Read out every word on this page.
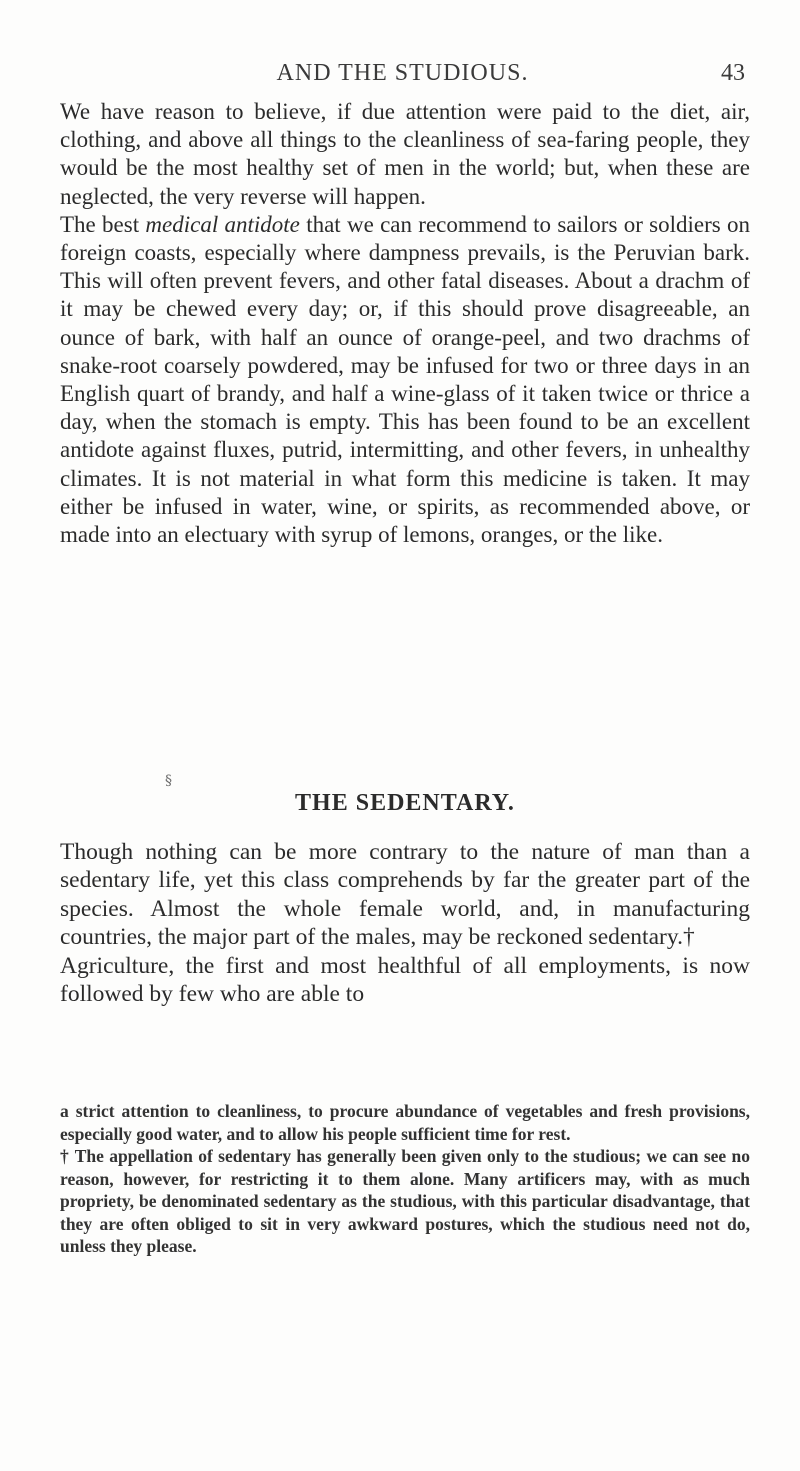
AND THE STUDIOUS.	43

We have reason to believe, if due attention were paid to the diet, air, clothing, and above all things to the cleanliness of sea-faring people, they would be the most healthy set of men in the world; but, when these are neglected, the very reverse will happen.

The best medical antidote that we can recommend to sailors or soldiers on foreign coasts, especially where dampness prevails, is the Peruvian bark. This will often prevent fevers, and other fatal diseases. About a drachm of it may be chewed every day; or, if this should prove disagreeable, an ounce of bark, with half an ounce of orange-peel, and two drachms of snake-root coarsely powdered, may be infused for two or three days in an English quart of brandy, and half a wine-glass of it taken twice or thrice a day, when the stomach is empty. This has been found to be an excellent antidote against fluxes, putrid, intermitting, and other fevers, in unhealthy climates. It is not material in what form this medicine is taken. It may either be infused in water, wine, or spirits, as recommended above, or made into an electuary with syrup of lemons, oranges, or the like.

§
THE SEDENTARY.

Though nothing can be more contrary to the nature of man than a sedentary life, yet this class comprehends by far the greater part of the species. Almost the whole female world, and, in manufacturing countries, the major part of the males, may be reckoned sedentary.†

Agriculture, the first and most healthful of all employments, is now followed by few who are able to

a strict attention to cleanliness, to procure abundance of vegetables and fresh provisions, especially good water, and to allow his people sufficient time for rest.

† The appellation of sedentary has generally been given only to the studious; we can see no reason, however, for restricting it to them alone. Many artificers may, with as much propriety, be denominated sedentary as the studious, with this particular disadvantage, that they are often obliged to sit in very awkward postures, which the studious need not do, unless they please.
